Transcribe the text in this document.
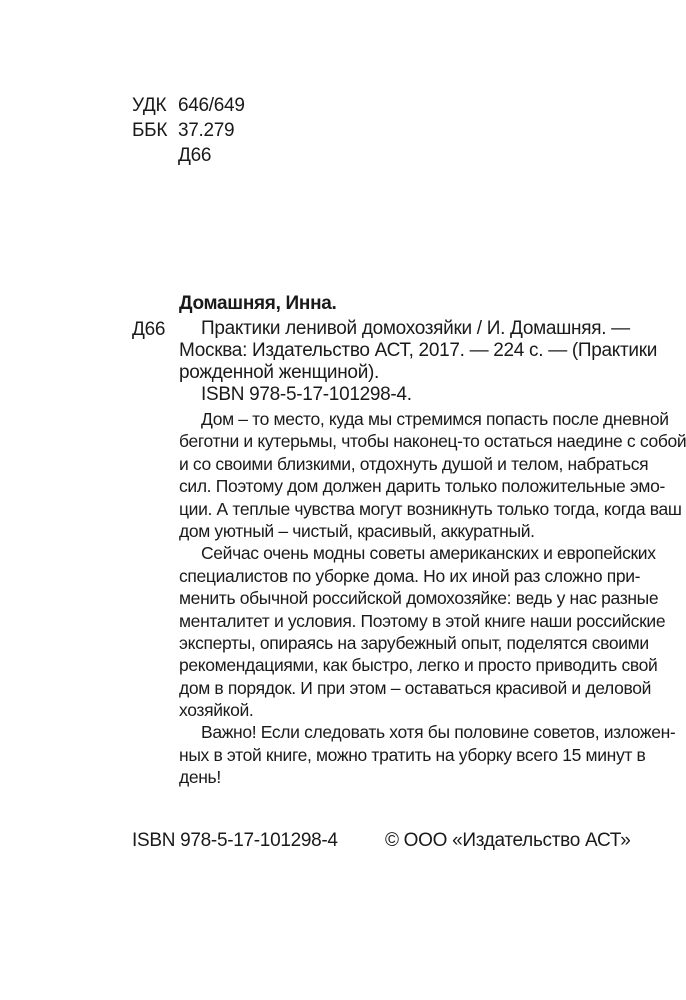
УДК 646/649
ББК 37.279
Д66
Домашняя, Инна.
Д66	Практики ленивой домохозяйки / И. Домашняя. —
Москва: Издательство АСТ, 2017. — 224 с. — (Практики
рожденной женщиной).
ISBN 978-5-17-101298-4.
Дом – то место, куда мы стремимся попасть после дневной
беготни и кутерьмы, чтобы наконец-то остаться наедине с собой
и со своими близкими, отдохнуть душой и телом, набраться
сил. Поэтому дом должен дарить только положительные эмо-
ции. А теплые чувства могут возникнуть только тогда, когда ваш
дом уютный – чистый, красивый, аккуратный.
Сейчас очень модны советы американских и европейских
специалистов по уборке дома. Но их иной раз сложно при-
менить обычной российской домохозяйке: ведь у нас разные
менталитет и условия. Поэтому в этой книге наши российские
эксперты, опираясь на зарубежный опыт, поделятся своими
рекомендациями, как быстро, легко и просто приводить свой
дом в порядок. И при этом – оставаться красивой и деловой
хозяйкой.
Важно! Если следовать хотя бы половине советов, изложен-
ных в этой книге, можно тратить на уборку всего 15 минут в
день!
ISBN 978-5-17-101298-4 © ООО «Издательство АСТ»
